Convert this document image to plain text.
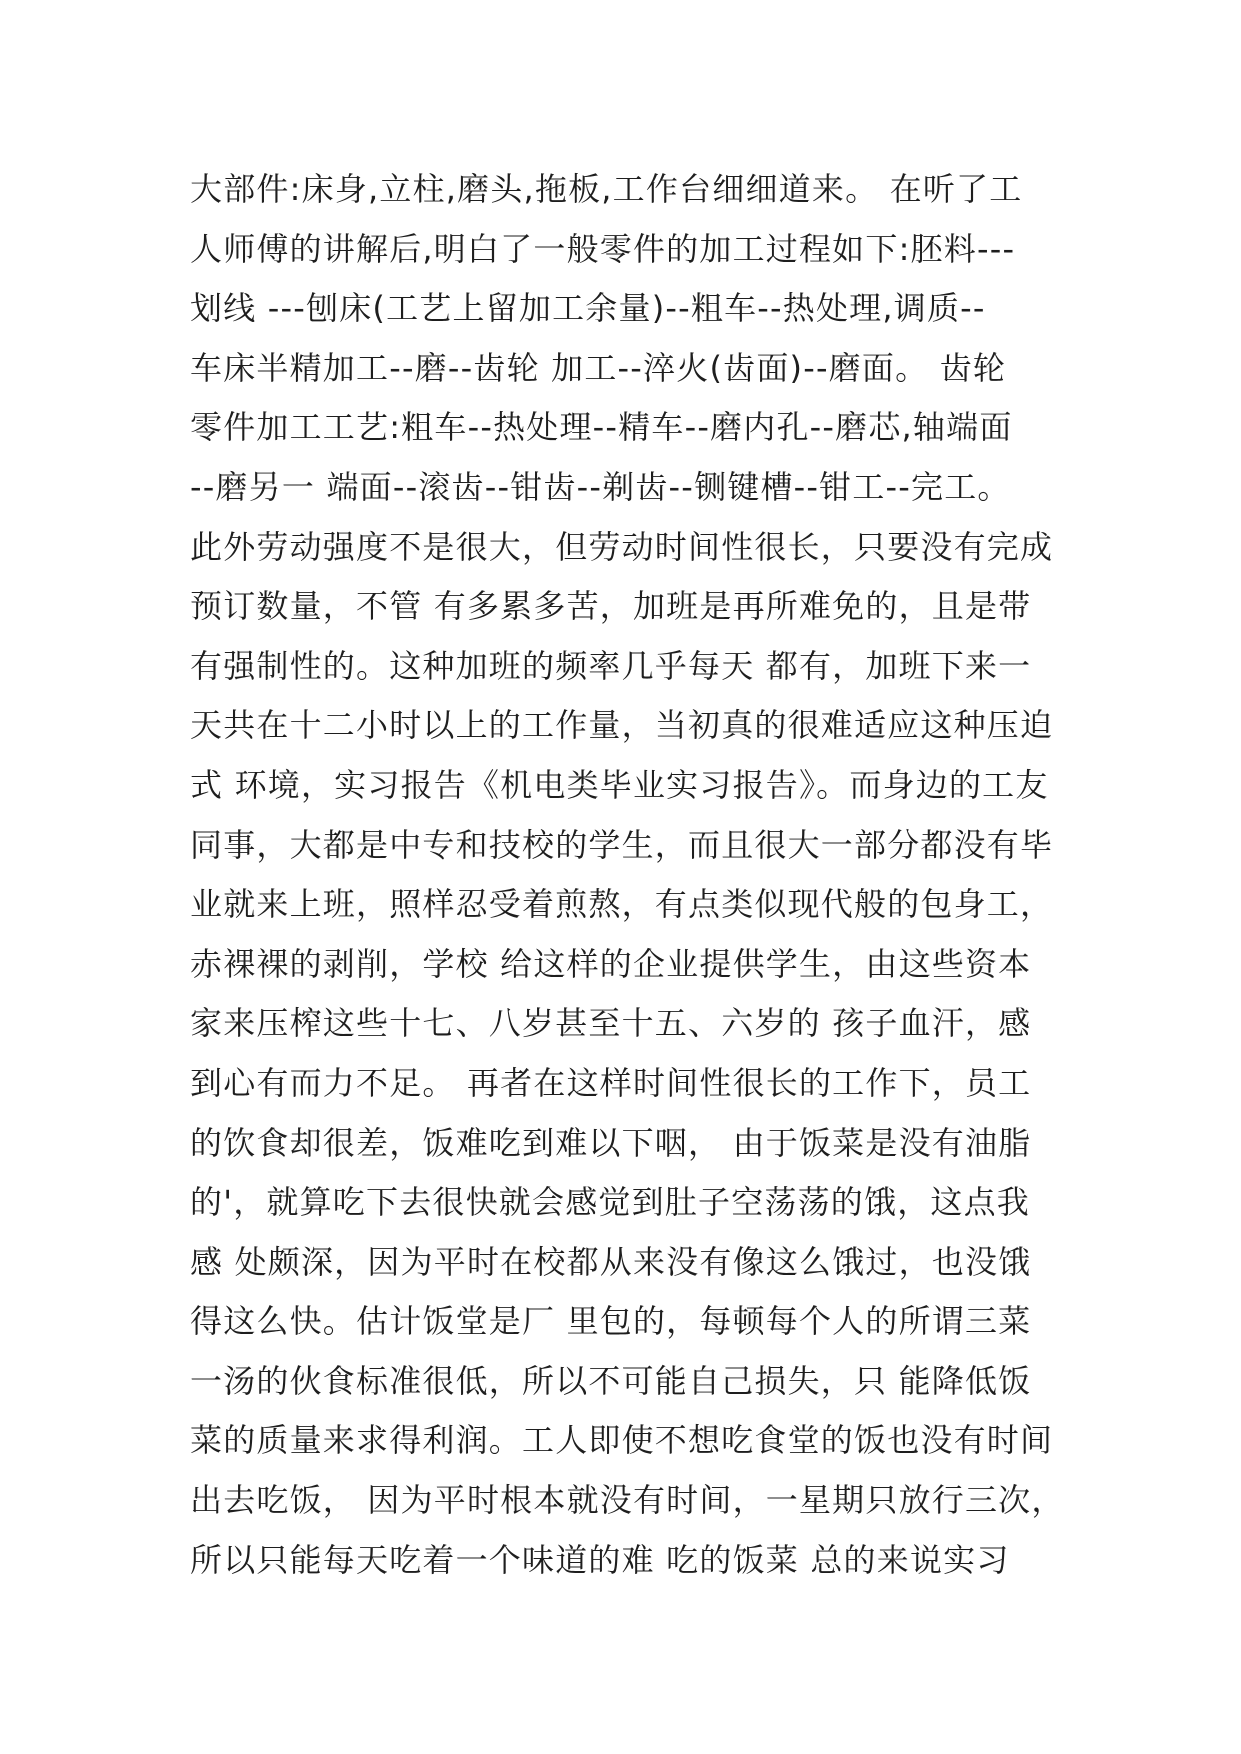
大部件:床身,立柱,磨头,拖板,工作台细细道来。 在听了工
人师傅的讲解后,明白了一般零件的加工过程如下:胚料---
划线 ---刨床(工艺上留加工余量)--粗车--热处理,调质--
车床半精加工--磨--齿轮 加工--淬火(齿面)--磨面。 齿轮
零件加工工艺:粗车--热处理--精车--磨内孔--磨芯,轴端面
--磨另一 端面--滚齿--钳齿--剃齿--铡键槽--钳工--完工。
此外劳动强度不是很大，但劳动时间性很长，只要没有完成
预订数量，不管 有多累多苦，加班是再所难免的，且是带
有强制性的。这种加班的频率几乎每天 都有，加班下来一
天共在十二小时以上的工作量，当初真的很难适应这种压迫
式 环境，实习报告《机电类毕业实习报告》。而身边的工友
同事，大都是中专和技校的学生，而且很大一部分都没有毕
业就来上班，照样忍受着煎熬，有点类似现代般的包身工，
赤裸裸的剥削，学校 给这样的企业提供学生，由这些资本
家来压榨这些十七、八岁甚至十五、六岁的 孩子血汗，感
到心有而力不足。 再者在这样时间性很长的工作下，员工
的饮食却很差，饭难吃到难以下咽， 由于饭菜是没有油脂
的'，就算吃下去很快就会感觉到肚子空荡荡的饿，这点我
感 处颇深，因为平时在校都从来没有像这么饿过，也没饿
得这么快。估计饭堂是厂 里包的，每顿每个人的所谓三菜
一汤的伙食标准很低，所以不可能自己损失，只 能降低饭
菜的质量来求得利润。工人即使不想吃食堂的饭也没有时间
出去吃饭， 因为平时根本就没有时间，一星期只放行三次，
所以只能每天吃着一个味道的难 吃的饭菜 总的来说实习
